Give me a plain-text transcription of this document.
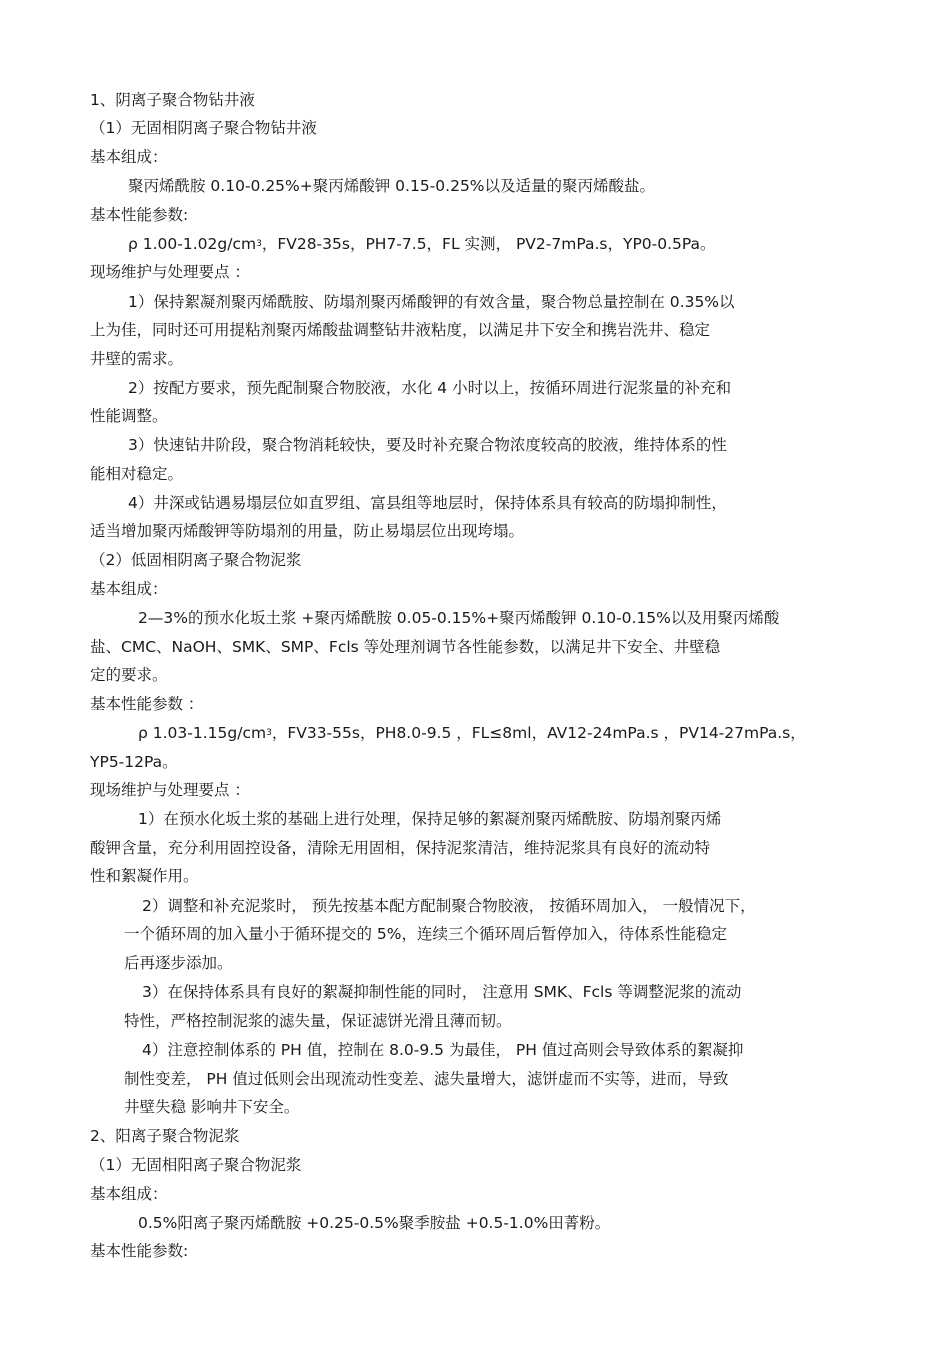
1、阴离子聚合物钻井液
（1）无固相阴离子聚合物钻井液
基本组成：
聚丙烯酰胺 0.10-0.25%+聚丙烯酸钾 0.15-0.25%以及适量的聚丙烯酸盐。
基本性能参数:
ρ $1.00-1.02g/cm^3$，FV28-35s，PH7-7.5，FL 实测， PV2-7mPa.s，YP0-0.5Pa。
现场维护与处理要点 ：
1）保持絮凝剂聚丙烯酰胺、防塌剂聚丙烯酸钾的有效含量，聚合物总量控制在 0.35%以
上为佳，同时还可用提粘剂聚丙烯酸盐调整钻井液粘度，以满足井下安全和携岩洗井、稳定
井壁的需求。
2）按配方要求，预先配制聚合物胶液，水化 4 小时以上，按循环周进行泥浆量的补充和
性能调整。
3）快速钻井阶段，聚合物消耗较快，要及时补充聚合物浓度较高的胶液，维持体系的性
能相对稳定。
4）井深或钻遇易塌层位如直罗组、富县组等地层时，保持体系具有较高的防塌抑制性，
适当增加聚丙烯酸钾等防塌剂的用量，防止易塌层位出现垮塌。
（2）低固相阴离子聚合物泥浆
基本组成：
2—3%的预水化坂土浆 +聚丙烯酰胺 0.05-0.15%+聚丙烯酸钾 0.10-0.15%以及用聚丙烯酸
盐、CMC、NaOH、SMK、SMP、Fcls 等处理剂调节各性能参数，以满足井下安全、井壁稳
定的要求。
基本性能参数 ：
ρ $1.03-1.15g/cm^3$，FV33-55s，PH8.0-9.5 ，FL≤8ml，AV12-24mPa.s ，PV14-27mPa.s，
YP5-12Pa。
现场维护与处理要点 ：
1）在预水化坂土浆的基础上进行处理，保持足够的絮凝剂聚丙烯酰胺、防塌剂聚丙烯
酸钾含量，充分利用固控设备，清除无用固相，保持泥浆清洁，维持泥浆具有良好的流动特
性和絮凝作用。
2）调整和补充泥浆时， 预先按基本配方配制聚合物胶液， 按循环周加入， 一般情况下，
一个循环周的加入量小于循环提交的 5%，连续三个循环周后暂停加入，待体系性能稳定
后再逐步添加。
3）在保持体系具有良好的絮凝抑制性能的同时， 注意用 SMK、Fcls 等调整泥浆的流动
特性，严格控制泥浆的滤失量，保证滤饼光滑且薄而韧。
4）注意控制体系的 PH 值，控制在 8.0-9.5 为最佳， PH 值过高则会导致体系的絮凝抑
制性变差， PH 值过低则会出现流动性变差、滤失量增大，滤饼虚而不实等，进而，导致
井壁失稳 影响井下安全。
2、阳离子聚合物泥浆
（1）无固相阳离子聚合物泥浆
基本组成：
0.5%阳离子聚丙烯酰胺 +0.25-0.5%聚季胺盐 +0.5-1.0%田菁粉。
基本性能参数:
